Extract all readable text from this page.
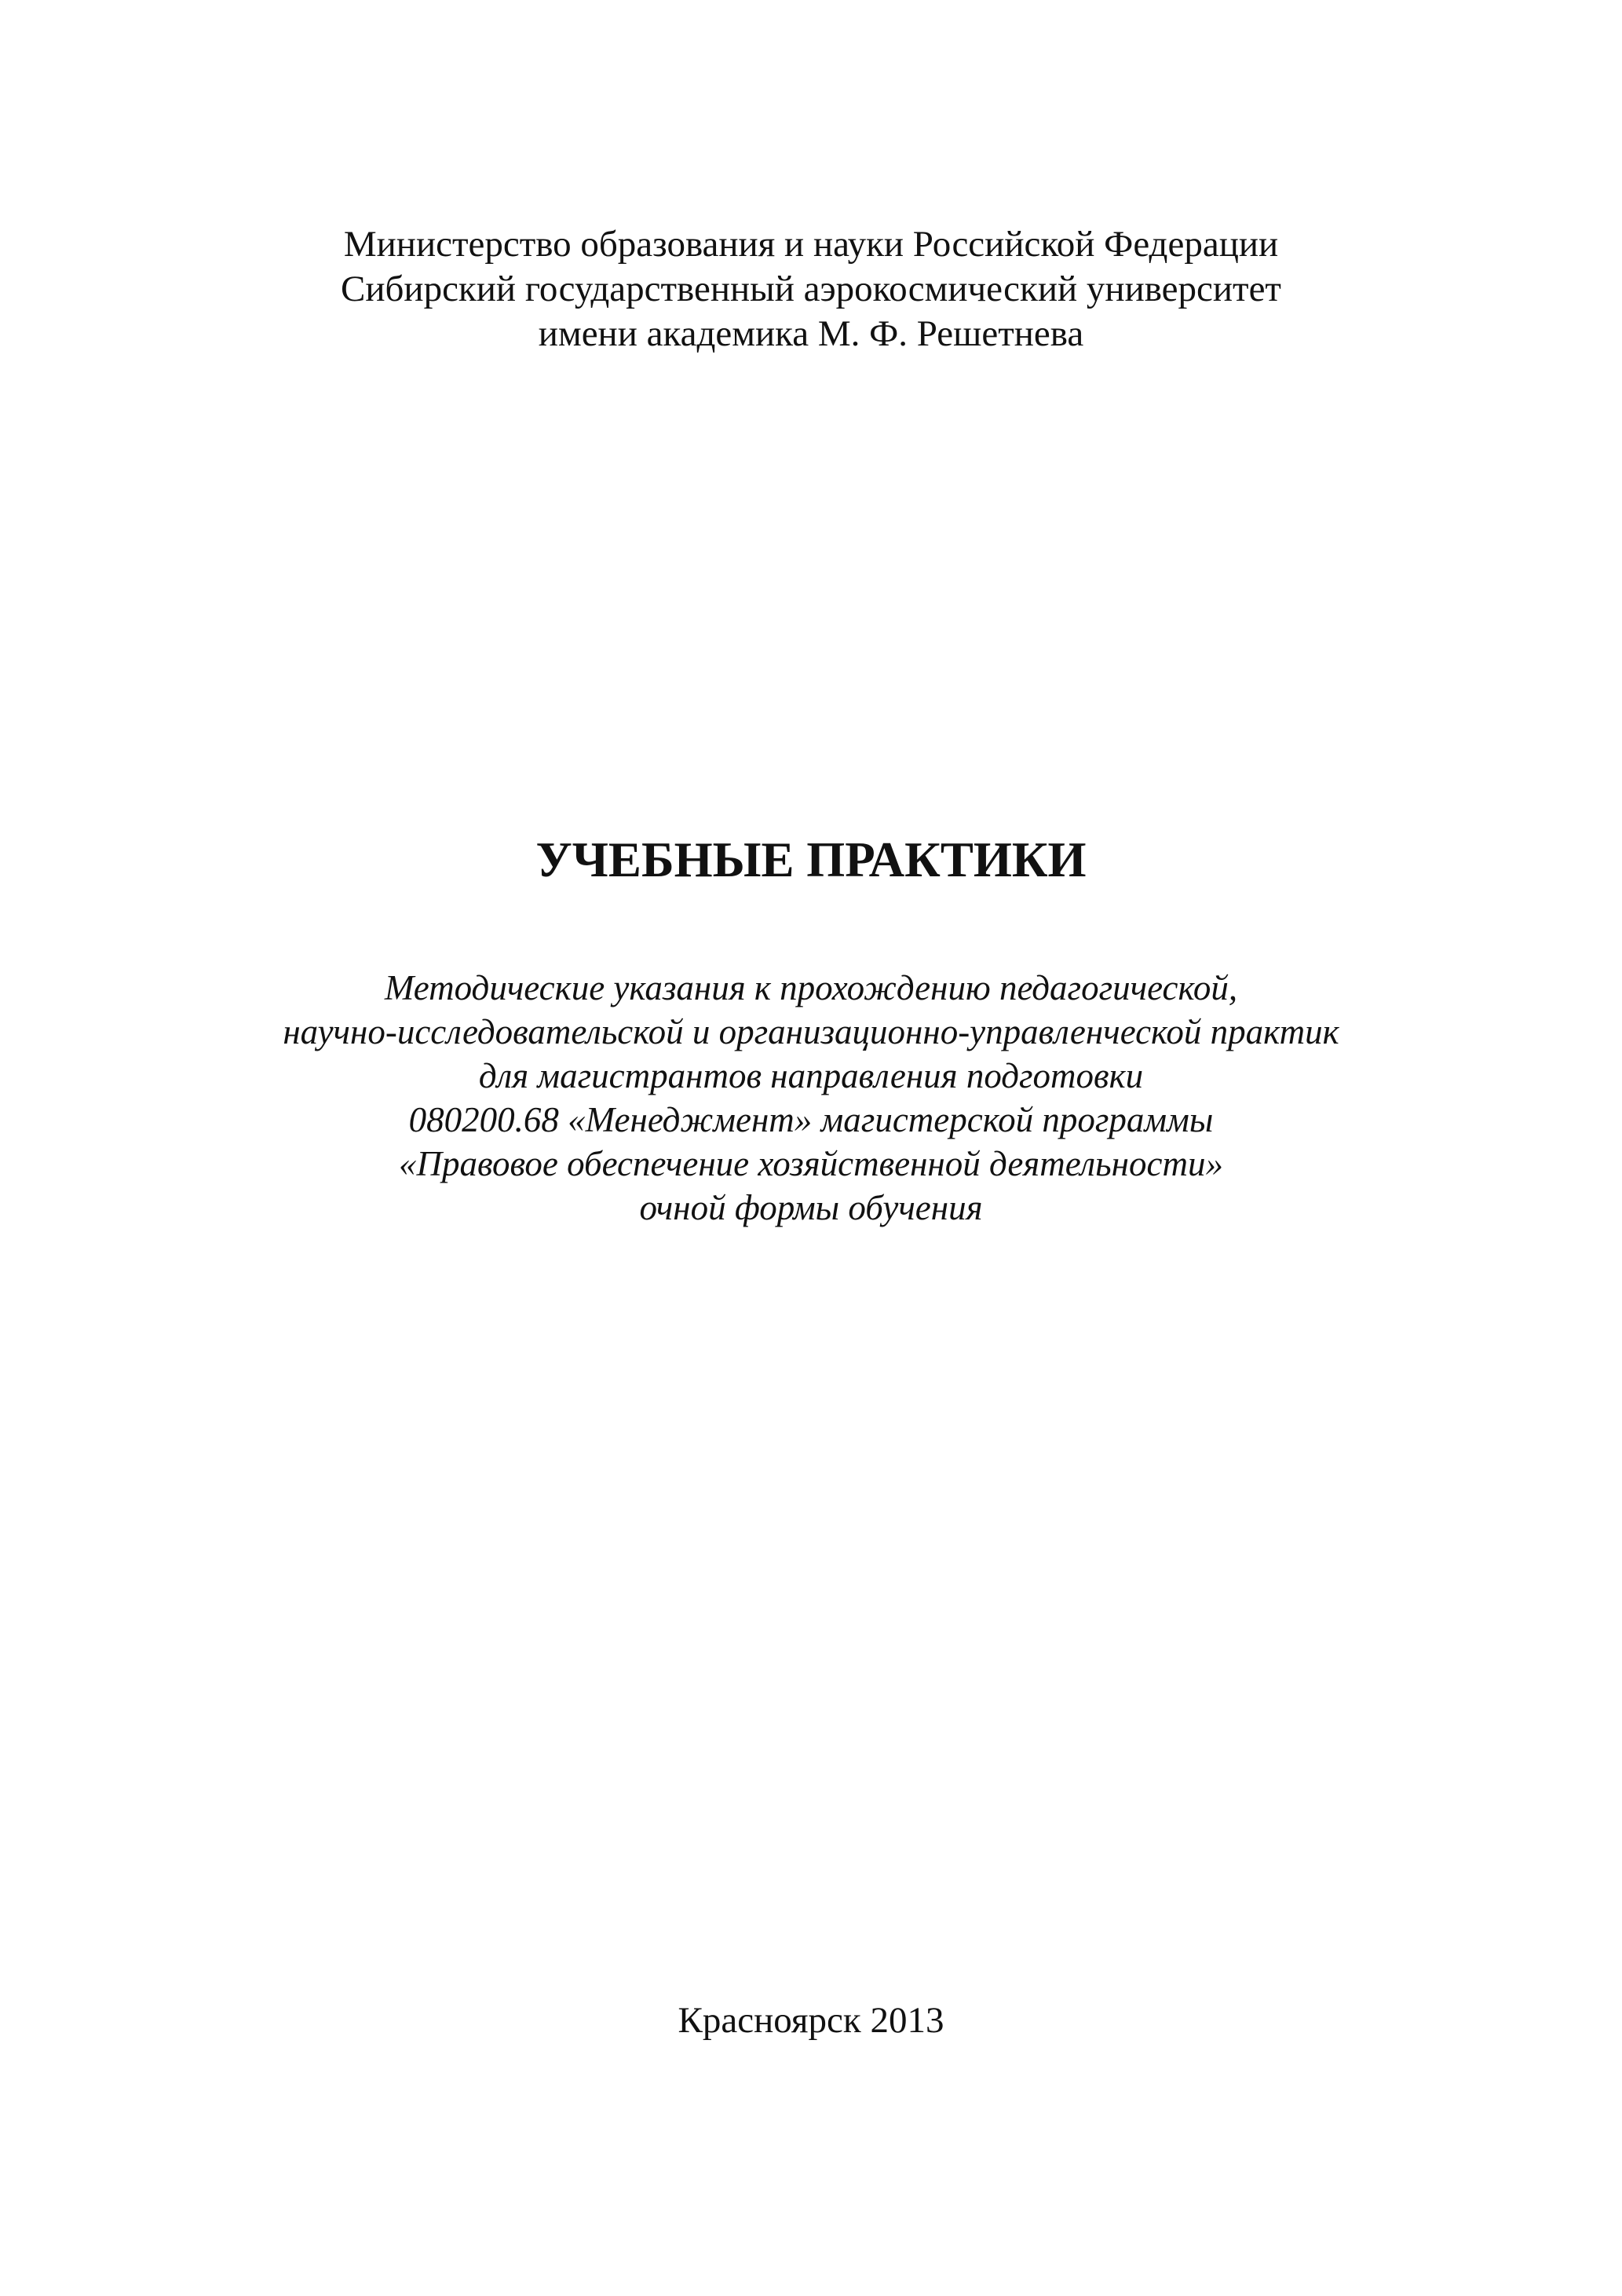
Министерство образования и науки Российской Федерации
Сибирский государственный аэрокосмический университет
имени академика М. Ф. Решетнева
УЧЕБНЫЕ ПРАКТИКИ
Методические указания к прохождению педагогической,
научно-исследовательской и организационно-управленческой практик
для магистрантов направления подготовки
080200.68 «Менеджмент» магистерской программы
«Правовое обеспечение хозяйственной деятельности»
очной формы обучения
Красноярск 2013
